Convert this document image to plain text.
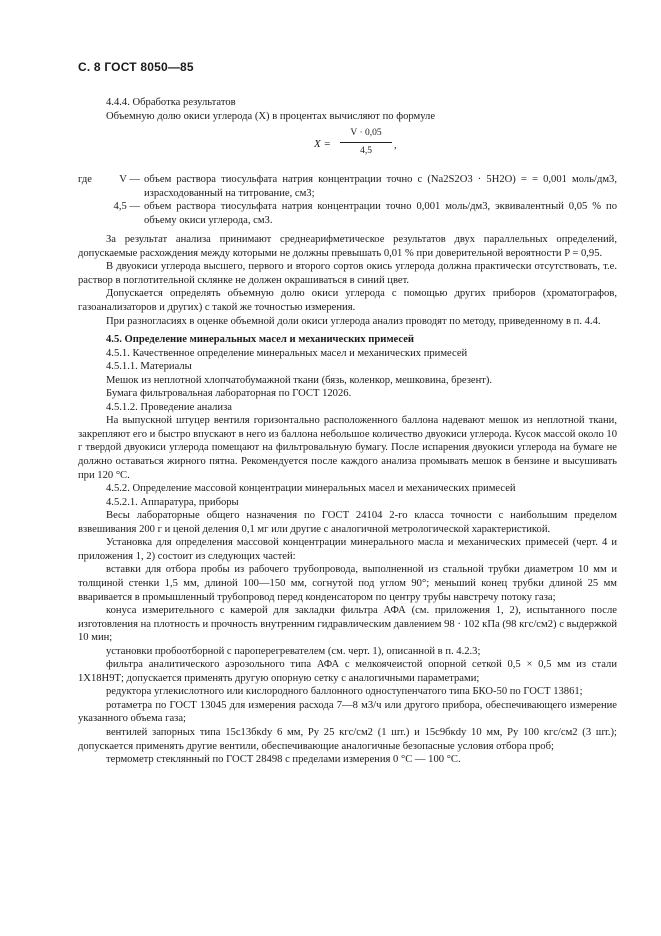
С. 8 ГОСТ 8050—85

4.4.4. Обработка результатов

Объемную долю окиси углерода (X) в процентах вычисляют по формуле

$X = \frac{V \cdot 0,05}{4,5}$ ,
где	V —	объем раствора тиосульфата натрия концентрации точно c (Na2S2O3 · 5H2O) = = 0,001 моль/дм3, израсходованный на титрование, см3;
	4,5 —	объем раствора тиосульфата натрия концентрации точно 0,001 моль/дм3, эквивалентный 0,05 % по объему окиси углерода, см3.

За результат анализа принимают среднеарифметическое результатов двух параллельных определений, допускаемые расхождения между которыми не должны превышать 0,01 % при доверительной вероятности P = 0,95.

В двуокиси углерода высшего, первого и второго сортов окись углерода должна практически отсутствовать, т.е. раствор в поглотительной склянке не должен окрашиваться в синий цвет.

Допускается определять объемную долю окиси углерода с помощью других приборов (хроматографов, газоанализаторов и других) с такой же точностью измерения.

При разногласиях в оценке объемной доли окиси углерода анализ проводят по методу, приведенному в п. 4.4.

4.5. Определение минеральных масел и механических примесей

4.5.1. Качественное определение минеральных масел и механических примесей

4.5.1.1. Материалы

Мешок из неплотной хлопчатобумажной ткани (бязь, коленкор, мешковина, брезент).

Бумага фильтровальная лабораторная по ГОСТ 12026.

4.5.1.2. Проведение анализа

На выпускной штуцер вентиля горизонтально расположенного баллона надевают мешок из неплотной ткани, закрепляют его и быстро впускают в него из баллона небольшое количество двуокиси углерода. Кусок массой около 10 г твердой двуокиси углерода помещают на фильтровальную бумагу. После испарения двуокиси углерода на бумаге не должно оставаться жирного пятна. Рекомендуется после каждого анализа промывать мешок в бензине и высушивать при 120 °С.

4.5.2. Определение массовой концентрации минеральных масел и механических примесей

4.5.2.1. Аппаратура, приборы

Весы лабораторные общего назначения по ГОСТ 24104 2-го класса точности с наибольшим пределом взвешивания 200 г и ценой деления 0,1 мг или другие с аналогичной метрологической характеристикой.

Установка для определения массовой концентрации минерального масла и механических примесей (черт. 4 и приложения 1, 2) состоит из следующих частей:

вставки для отбора пробы из рабочего трубопровода, выполненной из стальной трубки диаметром 10 мм и толщиной стенки 1,5 мм, длиной 100—150 мм, согнутой под углом 90°; меньший конец трубки длиной 25 мм вваривается в промышленный трубопровод перед конденсатором по центру трубы навстречу потоку газа;

конуса измерительного с камерой для закладки фильтра АФА (см. приложения 1, 2), испытанного после изготовления на плотность и прочность внутренним гидравлическим давлением 98 · 102 кПа (98 кгс/см2) с выдержкой 10 мин;

установки пробоотборной с пароперегревателем (см. черт. 1), описанной в п. 4.2.3;

фильтра аналитического аэрозольного типа АФА с мелкоячеистой опорной сеткой 0,5 × 0,5 мм из стали 1Х18Н9Т; допускается применять другую опорную сетку с аналогичными параметрами;

редуктора углекислотного или кислородного баллонного одноступенчатого типа БКО-50 по ГОСТ 13861;

ротаметра по ГОСТ 13045 для измерения расхода 7—8 м3/ч или другого прибора, обеспечивающего измерение указанного объема газа;

вентилей запорных типа 15с13бкdy 6 мм, Py 25 кгс/см2 (1 шт.) и 15с9бкdy 10 мм, Py 100 кгс/см2 (3 шт.); допускается применять другие вентили, обеспечивающие аналогичные безопасные условия отбора проб;

термометр стеклянный по ГОСТ 28498 с пределами измерения 0 °С — 100 °С.
